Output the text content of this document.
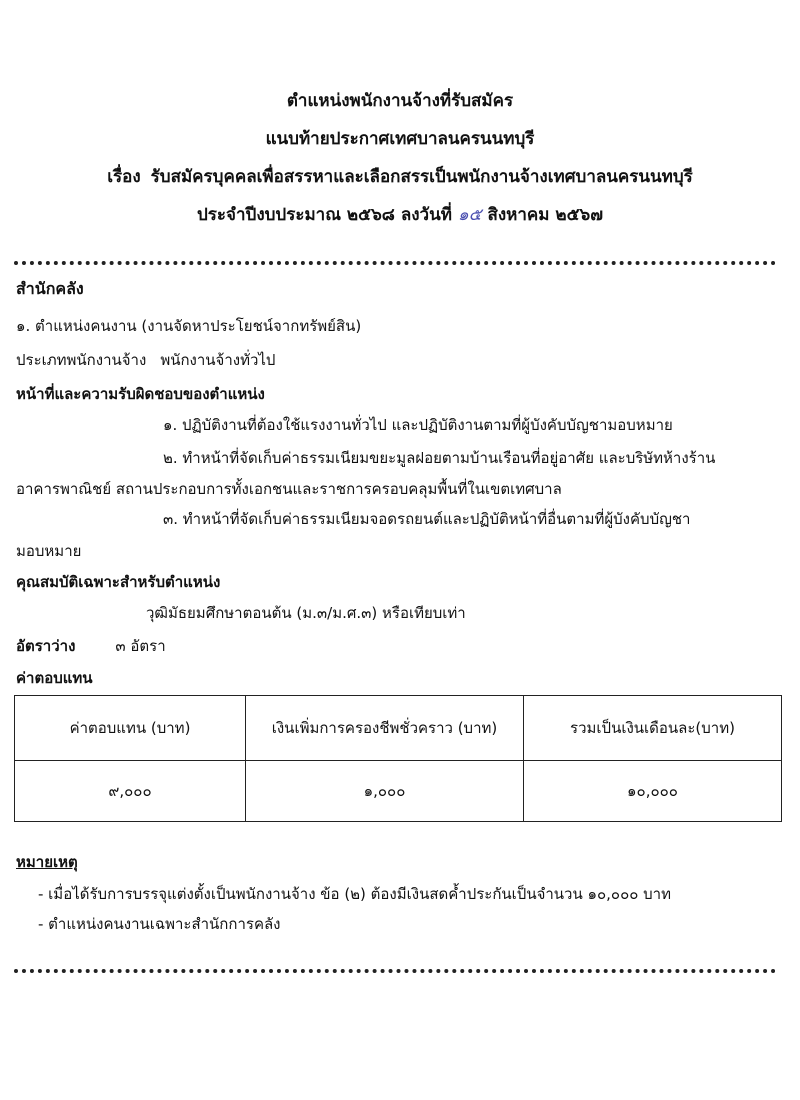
ตำแหน่งพนักงานจ้างที่รับสมัคร
แนบท้ายประกาศเทศบาลนครนนทบุรี
เรื่อง รับสมัครบุคคลเพื่อสรรหาและเลือกสรรเป็นพนักงานจ้างเทศบาลนครนนทบุรี
ประจำปีงบประมาณ ๒๕๖๘ ลงวันที่ ๑๕ สิงหาคม ๒๕๖๗
สำนักคลัง
๑. ตำแหน่งคนงาน (งานจัดหาประโยชน์จากทรัพย์สิน)
ประเภทพนักงานจ้าง พนักงานจ้างทั่วไป
หน้าที่และความรับผิดชอบของตำแหน่ง
๑. ปฏิบัติงานที่ต้องใช้แรงงานทั่วไป และปฏิบัติงานตามที่ผู้บังคับบัญชามอบหมาย
๒. ทำหน้าที่จัดเก็บค่าธรรมเนียมขยะมูลฝอยตามบ้านเรือนที่อยู่อาศัย และบริษัทห้างร้าน
อาคารพาณิชย์ สถานประกอบการทั้งเอกชนและราชการครอบคลุมพื้นที่ในเขตเทศบาล
๓. ทำหน้าที่จัดเก็บค่าธรรมเนียมจอดรถยนต์และปฏิบัติหน้าที่อื่นตามที่ผู้บังคับบัญชา
มอบหมาย
คุณสมบัติเฉพาะสำหรับตำแหน่ง
วุฒิมัธยมศึกษาตอนต้น (ม.๓/ม.ศ.๓) หรือเทียบเท่า
อัตราว่าง	๓ อัตรา
ค่าตอบแทน
ค่าตอบแทน (บาท)	เงินเพิ่มการครองชีพชั่วคราว (บาท)	รวมเป็นเงินเดือนละ(บาท)
๙,๐๐๐	๑,๐๐๐	๑๐,๐๐๐
หมายเหตุ
- เมื่อได้รับการบรรจุแต่งตั้งเป็นพนักงานจ้าง ข้อ (๒) ต้องมีเงินสดค้ำประกันเป็นจำนวน ๑๐,๐๐๐ บาท
- ตำแหน่งคนงานเฉพาะสำนักการคลัง
